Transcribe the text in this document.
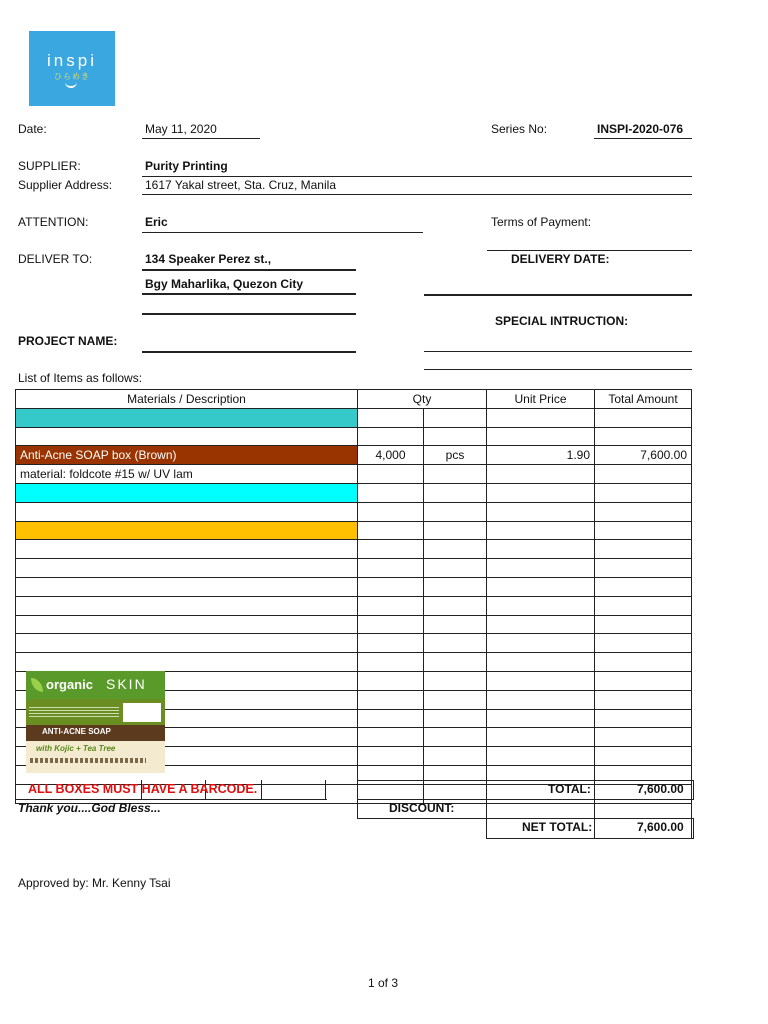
inspi
ひらめき
Date:	May 11, 2020	Series No:	INSPI-2020-076
SUPPLIER:	Purity Printing
Supplier Address:	1617 Yakal street, Sta. Cruz, Manila
ATTENTION:	Eric	Terms of Payment:
DELIVER TO:	134 Speaker Perez st.,
Bgy Maharlika, Quezon City
DELIVERY DATE:
SPECIAL INTRUCTION:
PROJECT NAME:
List of Items as follows:
Materials / Description	Qty		Unit Price	Total Amount

Anti-Acne SOAP box (Brown)	4,000	pcs	1.90	7,600.00
material: foldcote #15 w/ UV lam				

ALL BOXES MUST HAVE A BARCODE.	TOTAL:	7,600.00
Thank you....God Bless...	DISCOUNT:
NET TOTAL:	7,600.00
organic SKIN
ANTI-ACNE SOAP
with Kojic + Tea Tree
Approved by: Mr. Kenny Tsai
1 of 3
